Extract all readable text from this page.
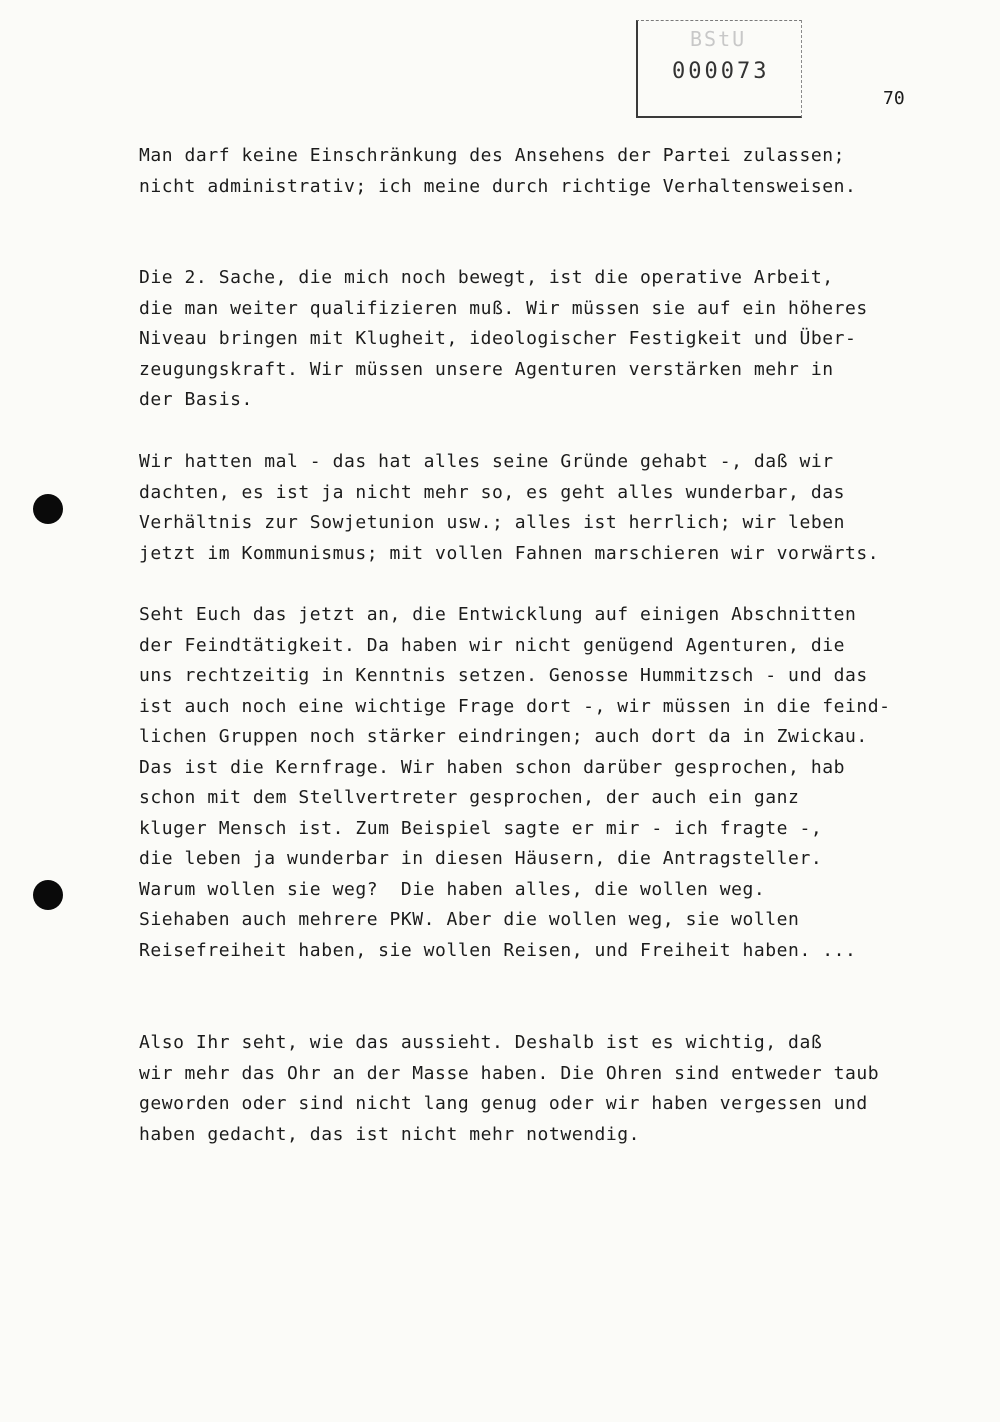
BStU
000073
70

Man darf keine Einschränkung des Ansehens der Partei zulassen;
nicht administrativ; ich meine durch richtige Verhaltensweisen.

Die 2. Sache, die mich noch bewegt, ist die operative Arbeit,
die man weiter qualifizieren muß. Wir müssen sie auf ein höheres
Niveau bringen mit Klugheit, ideologischer Festigkeit und Über-
zeugungskraft. Wir müssen unsere Agenturen verstärken mehr in
der Basis.

Wir hatten mal - das hat alles seine Gründe gehabt -, daß wir
dachten, es ist ja nicht mehr so, es geht alles wunderbar, das
Verhältnis zur Sowjetunion usw.; alles ist herrlich; wir leben
jetzt im Kommunismus; mit vollen Fahnen marschieren wir vorwärts.

Seht Euch das jetzt an, die Entwicklung auf einigen Abschnitten
der Feindtätigkeit. Da haben wir nicht genügend Agenturen, die
uns rechtzeitig in Kenntnis setzen. Genosse Hummitzsch - und das
ist auch noch eine wichtige Frage dort -, wir müssen in die feind-
lichen Gruppen noch stärker eindringen; auch dort da in Zwickau.
Das ist die Kernfrage. Wir haben schon darüber gesprochen, hab
schon mit dem Stellvertreter gesprochen, der auch ein ganz
kluger Mensch ist. Zum Beispiel sagte er mir - ich fragte -,
die leben ja wunderbar in diesen Häusern, die Antragsteller.
Warum wollen sie weg?  Die haben alles, die wollen weg.
Siehaben auch mehrere PKW. Aber die wollen weg, sie wollen
Reisefreiheit haben, sie wollen Reisen, und Freiheit haben. ...

Also Ihr seht, wie das aussieht. Deshalb ist es wichtig, daß
wir mehr das Ohr an der Masse haben. Die Ohren sind entweder taub
geworden oder sind nicht lang genug oder wir haben vergessen und
haben gedacht, das ist nicht mehr notwendig.
